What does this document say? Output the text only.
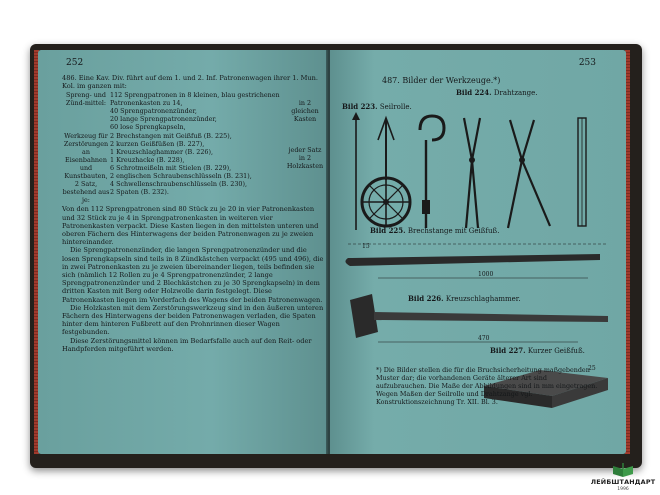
252

486. Eine Kav. Div. führt auf dem 1. und 2. Inf. Patronenwagen ihrer 1. Mun. Kol. im ganzen mit:

Spreng- und Zünd-mittel:
112 Sprengpatronen in 8 kleinen, blau gestrichenen Patronenkasten zu 14,
40 Sprengpatronenzünder,
20 lange Sprengpatronenzünder,
60 lose Sprengkapseln,
in 2 gleichen Kasten
Werkzeug für Zerstörungen an Eisenbahnen und Kunstbauten, 2 Satz, bestehend aus je:
2 Brechstangen mit Geißfuß (B. 225),
2 kurzen Geißfüßen (B. 227),
1 Kreuzschlaghammer (B. 226),
1 Kreuzhacke (B. 228),
6 Schrotmeißeln mit Stielen (B. 229),
2 englischen Schraubenschlüsseln (B. 231),
4 Schwellenschraubenschlüsseln (B. 230),
2 Spaten (B. 232).
jeder Satz in 2 Holzkasten

Von den 112 Sprengpatronen sind 80 Stück zu je 20 in vier Patronenkasten und 32 Stück zu je 4 in Sprengpatronenkasten in weiteren vier Patronenkasten verpackt. Diese Kasten liegen in den mittelsten unteren und oberen Fächern des Hinterwagens der beiden Patronenwagen zu je zweien hintereinander.

Die Sprengpatronenzünder, die langen Sprengpatronenzünder und die losen Sprengkapseln sind teils in 8 Zündkästchen verpackt (495 und 496), die in zwei Patronenkasten zu je zweien übereinander liegen, teils befinden sie sich (nämlich 12 Rollen zu je 4 Sprengpatronenzünder, 2 lange Sprengpatronenzünder und 2 Blechkästchen zu je 30 Sprengkapseln) in dem dritten Kasten mit Berg oder Holzwolle darin festgelegt. Diese Patronenkasten liegen im Vorderfach des Wagens der beiden Patronenwagen.

Die Holzkasten mit dem Zerstörungswerkzeug sind in den äußeren unteren Fächern des Hinterwagens der beiden Patronenwagen verladen, die Spaten hinter dem hinteren Fußbrett auf den Prohnrinnen dieser Wagen festgebunden.

Diese Zerstörungsmittel können im Bedarfsfalle auch auf den Reit- oder Handpferden mitgeführt werden.

253
487. Bilder der Werkzeuge.*)
Bild 223. Seilrolle.
Bild 224. Drahtzange.
Bild 225. Brechstange mit Geißfuß.
15
1000
Bild 226. Kreuzschlaghammer.
470
Bild 227. Kurzer Geißfuß.
25
*) Die Bilder stellen die für die Bruchsicherheitung maßgebenden Muster dar; die vorhandenen Geräte älterer Art sind aufzubrauchen. Die Maße der Abbildungen sind in mm eingetragen. Wegen Maßen der Seilrolle und Drahtzange vgl. Konstruktionszeichnung Tr. XII. Bl. 3.
ЛЕЙБШТАНДАРТ
1996
